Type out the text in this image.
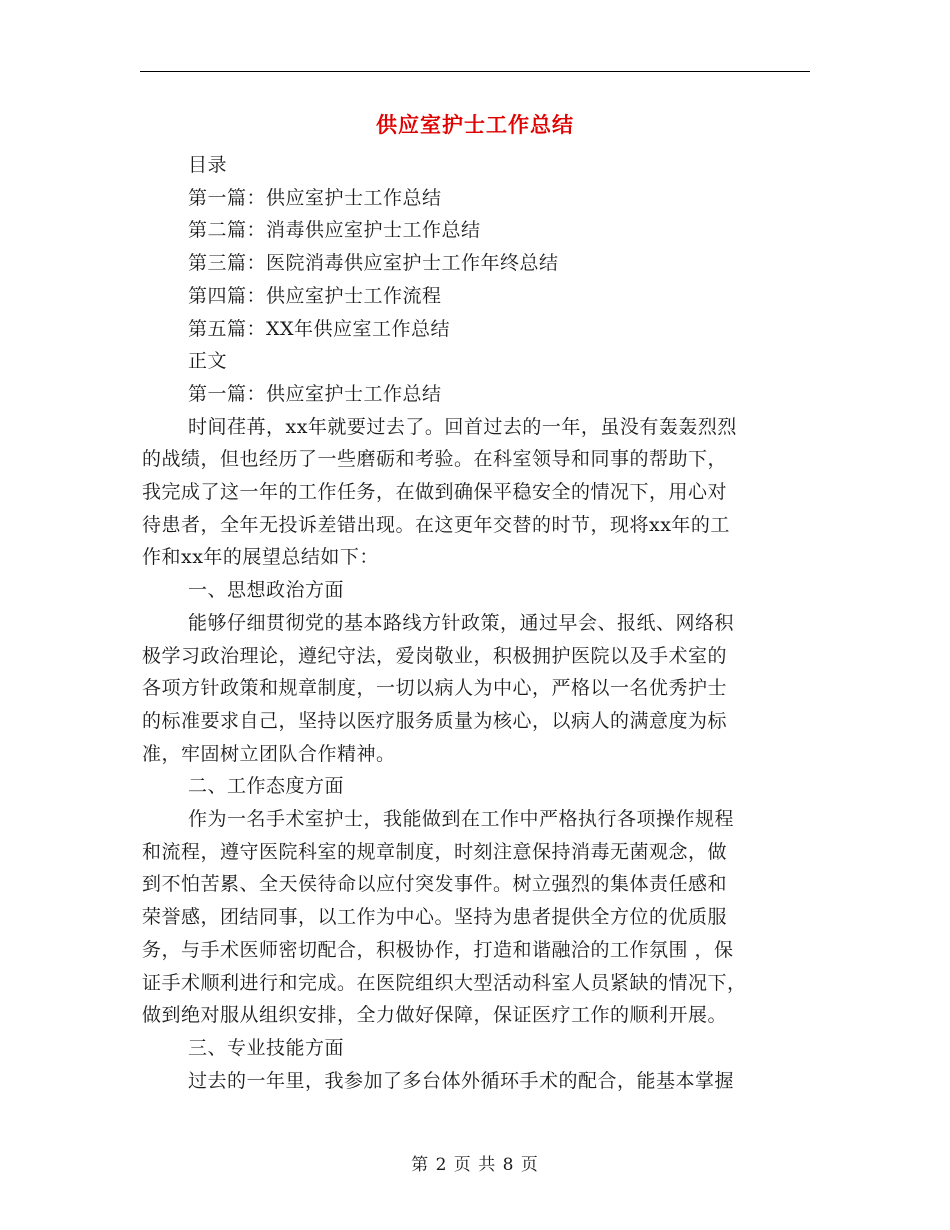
供应室护士工作总结
目录
第一篇：供应室护士工作总结
第二篇：消毒供应室护士工作总结
第三篇：医院消毒供应室护士工作年终总结
第四篇：供应室护士工作流程
第五篇：XX年供应室工作总结
正文
第一篇：供应室护士工作总结
时间荏苒，xx年就要过去了。回首过去的一年，虽没有轰轰烈烈
的战绩，但也经历了一些磨砺和考验。在科室领导和同事的帮助下，
我完成了这一年的工作任务，在做到确保平稳安全的情况下，用心对
待患者，全年无投诉差错出现。在这更年交替的时节，现将xx年的工
作和xx年的展望总结如下：
一、思想政治方面
能够仔细贯彻党的基本路线方针政策，通过早会、报纸、网络积
极学习政治理论，遵纪守法，爱岗敬业，积极拥护医院以及手术室的
各项方针政策和规章制度，一切以病人为中心，严格以一名优秀护士
的标准要求自己，坚持以医疗服务质量为核心，以病人的满意度为标
准，牢固树立团队合作精神。
二、工作态度方面
作为一名手术室护士，我能做到在工作中严格执行各项操作规程
和流程，遵守医院科室的规章制度，时刻注意保持消毒无菌观念，做
到不怕苦累、全天侯待命以应付突发事件。树立强烈的集体责任感和
荣誉感，团结同事，以工作为中心。坚持为患者提供全方位的优质服
务，与手术医师密切配合，积极协作，打造和谐融洽的工作氛围 ，保
证手术顺利进行和完成。在医院组织大型活动科室人员紧缺的情况下，
做到绝对服从组织安排，全力做好保障，保证医疗工作的顺利开展。
三、专业技能方面
过去的一年里，我参加了多台体外循环手术的配合，能基本掌握
第 2 页 共 8 页
